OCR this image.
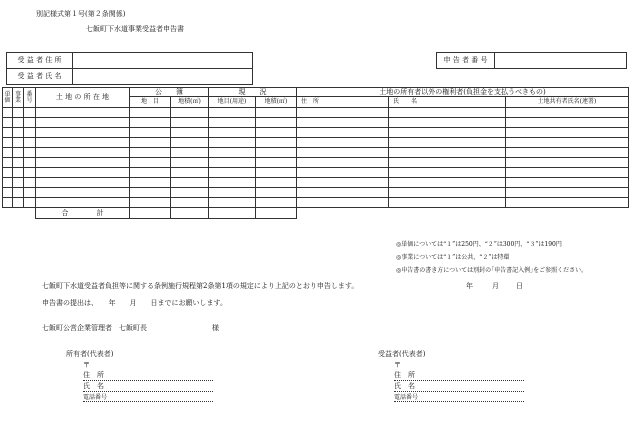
別記様式第１号(第２条関係)
七飯町下水道事業受益者申告書
受 益 者 住 所	
受 益 者 氏 名	
申 告 者 番 号	
単価	事業	番号	土 地 の 所 在 地	公　　簿		現　　況		土地の所有者以外の権利者(負担金を支払うべきもの)		
				地　目	地積(㎡)	地目(用途)	地積(㎡)	住　所	氏　　名	土地共有者氏名(連署)

			合　　　　計							
◎単価については“１”は250円、“２”は300円、“３”は190円
◎事業については“１”は公共、“２”は特環
◎申告書の書き方については別封の｢申告書記入例｣をご参照ください。
七飯町下水道受益者負担等に関する条例施行規程第2条第1項の規定により上記のとおり申告します。	年	月 日
申告書の提出は、　　年　　月　　日までにお願いします。
七飯町公営企業管理者　七飯町長	様
所有者(代表者)
〒
住　所
氏　名
電話番号
受益者(代表者)
〒
住　所
氏　名
電話番号
